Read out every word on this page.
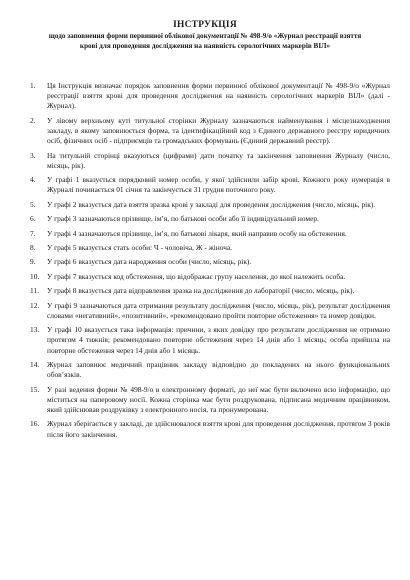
ІНСТРУКЦІЯ
щодо заповнення форми первинної облікової документації № 498-9/о «Журнал реєстрації взяття крові для проведення дослідження на наявність серологічних маркерів ВІЛ»
1.	Ця Інструкція визначає порядок заповнення форми первинної облікової документації № 498-9/о «Журнал реєстрації взяття крові для проведення дослідження на наявність серологічних маркерів ВІЛ» (далі - Журнал).
2.	У лівому верхньому куті титульної сторінки Журналу зазначаються найменування і місцезнаходження закладу, в якому заповнюється форма, та ідентифікаційний код з Єдиного державного реєстру юридичних осіб, фізичних осіб - підприємців та громадських формувань (Єдиний державний реєстр).
3.	На титульній сторінці вказуються (цифрами) дати початку та закінчення заповнення Журналу (число, місяць, рік).
4.	У графі 1 вказується порядковий номер особи, у якої здійснили забір крові. Кожного року нумерація в Журналі починається 01 січня та закінчується 31 грудня поточного року.
5.	У графі 2 вказується дата взяття зразка крові у закладі для проведення дослідження (число, місяць, рік).
6.	У графі 3 зазначаються прізвище, ім’я, по батькові особи або її індивідуальний номер.
7.	У графі 4 зазначаються прізвище, ім’я, по батькові лікаря, який направив особу на обстеження.
8.	У графі 5 вказується стать особи: Ч - чоловіча, Ж - жіноча.
9.	У графі 6 вказується дата народження особи (число, місяць, рік).
10.	У графі 7 вказується код обстеження, що відображає групу населення, до якої належить особа.
11.	У графі 8 вказується дата відправлення зразка на дослідження до лабораторії (число, місяць, рік).
12.	У графі 9 зазначаються дата отримання результату дослідження (число, місяць, рік), результат дослідження словами «негативний», «позитивний», «рекомендовано пройти повторне обстеження» та номер довідки.
13.	У графі 10 вказується така інформація: причини, з яких довідку про результати дослідження не отримано протягом 4 тижнів; рекомендовано повторне обстеження через 14 днів або 1 місяць; особа прийшла на повторне обстеження через 14 днів або 1 місяць.
14.	Журнал заповнює медичний працівник закладу відповідно до покладених на нього функціональних обов’язків.
15.	У разі ведення форми № 498-9/о в електронному форматі, до неї має бути включено всю інформацію, що міститься на паперовому носії. Кожна сторінка має бути роздрукована, підписана медичним працівником, який здійснював роздруківку з електронного носія, та пронумерована.
16.	Журнал зберігається у закладі, де здійснювалося взяття крові для проведення дослідження, протягом 3 років після його закінчення.
